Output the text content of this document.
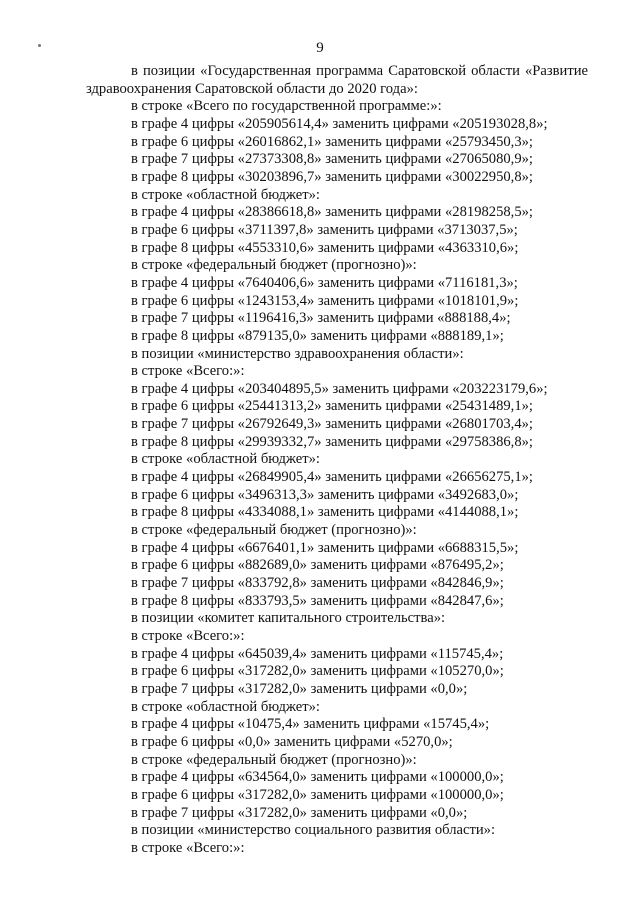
9
в позиции «Государственная программа Саратовской области «Развитие
здравоохранения Саратовской области до 2020 года»:
в строке «Всего по государственной программе:»:
в графе 4 цифры «205905614,4» заменить цифрами «205193028,8»;
в графе 6 цифры «26016862,1» заменить цифрами «25793450,3»;
в графе 7 цифры «27373308,8» заменить цифрами «27065080,9»;
в графе 8 цифры «30203896,7» заменить цифрами «30022950,8»;
в строке «областной бюджет»:
в графе 4 цифры «28386618,8» заменить цифрами «28198258,5»;
в графе 6 цифры «3711397,8» заменить цифрами «3713037,5»;
в графе 8 цифры «4553310,6» заменить цифрами «4363310,6»;
в строке «федеральный бюджет (прогнозно)»:
в графе 4 цифры «7640406,6» заменить цифрами «7116181,3»;
в графе 6 цифры «1243153,4» заменить цифрами «1018101,9»;
в графе 7 цифры «1196416,3» заменить цифрами «888188,4»;
в графе 8 цифры «879135,0» заменить цифрами «888189,1»;
в позиции «министерство здравоохранения области»:
в строке «Всего:»:
в графе 4 цифры «203404895,5» заменить цифрами «203223179,6»;
в графе 6 цифры «25441313,2» заменить цифрами «25431489,1»;
в графе 7 цифры «26792649,3» заменить цифрами «26801703,4»;
в графе 8 цифры «29939332,7» заменить цифрами «29758386,8»;
в строке «областной бюджет»:
в графе 4 цифры «26849905,4» заменить цифрами «26656275,1»;
в графе 6 цифры «3496313,3» заменить цифрами «3492683,0»;
в графе 8 цифры «4334088,1» заменить цифрами «4144088,1»;
в строке «федеральный бюджет (прогнозно)»:
в графе 4 цифры «6676401,1» заменить цифрами «6688315,5»;
в графе 6 цифры «882689,0» заменить цифрами «876495,2»;
в графе 7 цифры «833792,8» заменить цифрами «842846,9»;
в графе 8 цифры «833793,5» заменить цифрами «842847,6»;
в позиции «комитет капитального строительства»:
в строке «Всего:»:
в графе 4 цифры «645039,4» заменить цифрами «115745,4»;
в графе 6 цифры «317282,0» заменить цифрами «105270,0»;
в графе 7 цифры «317282,0» заменить цифрами «0,0»;
в строке «областной бюджет»:
в графе 4 цифры «10475,4» заменить цифрами «15745,4»;
в графе 6 цифры «0,0» заменить цифрами «5270,0»;
в строке «федеральный бюджет (прогнозно)»:
в графе 4 цифры «634564,0» заменить цифрами «100000,0»;
в графе 6 цифры «317282,0» заменить цифрами «100000,0»;
в графе 7 цифры «317282,0» заменить цифрами «0,0»;
в позиции «министерство социального развития области»:
в строке «Всего:»:
